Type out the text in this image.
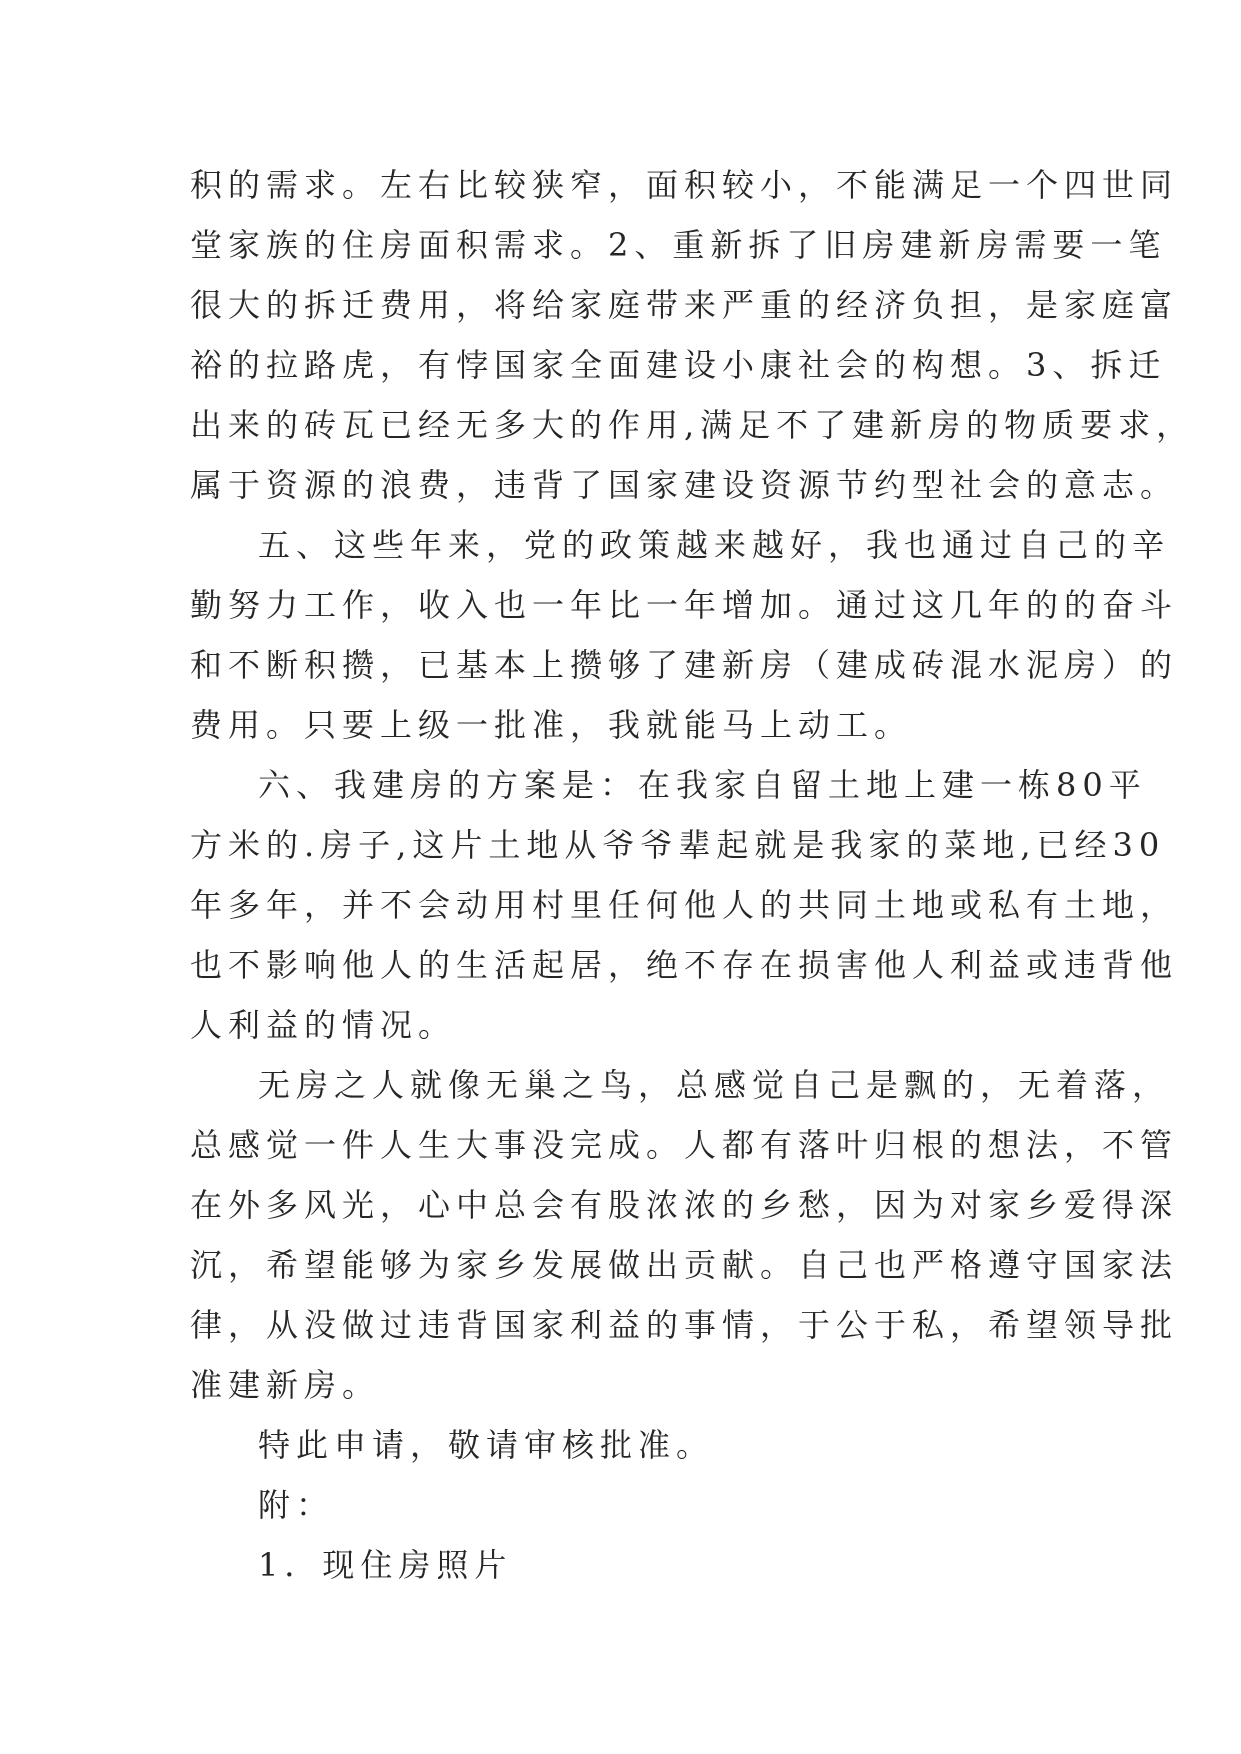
积的需求。左右比较狭窄，面积较小，不能满足一个四世同
堂家族的住房面积需求。2、重新拆了旧房建新房需要一笔
很大的拆迁费用，将给家庭带来严重的经济负担，是家庭富
裕的拉路虎，有悖国家全面建设小康社会的构想。3、拆迁
出来的砖瓦已经无多大的作用,满足不了建新房的物质要求，
属于资源的浪费，违背了国家建设资源节约型社会的意志。
五、这些年来，党的政策越来越好，我也通过自己的辛
勤努力工作，收入也一年比一年增加。通过这几年的的奋斗
和不断积攒，已基本上攒够了建新房（建成砖混水泥房）的
费用。只要上级一批准，我就能马上动工。
六、我建房的方案是：在我家自留土地上建一栋80平
方米的.房子,这片土地从爷爷辈起就是我家的菜地,已经30
年多年，并不会动用村里任何他人的共同土地或私有土地，
也不影响他人的生活起居，绝不存在损害他人利益或违背他
人利益的情况。
无房之人就像无巢之鸟，总感觉自己是飘的，无着落，
总感觉一件人生大事没完成。人都有落叶归根的想法，不管
在外多风光，心中总会有股浓浓的乡愁，因为对家乡爱得深
沉，希望能够为家乡发展做出贡献。自己也严格遵守国家法
律，从没做过违背国家利益的事情，于公于私，希望领导批
准建新房。
特此申请，敬请审核批准。
附：
1．现住房照片
